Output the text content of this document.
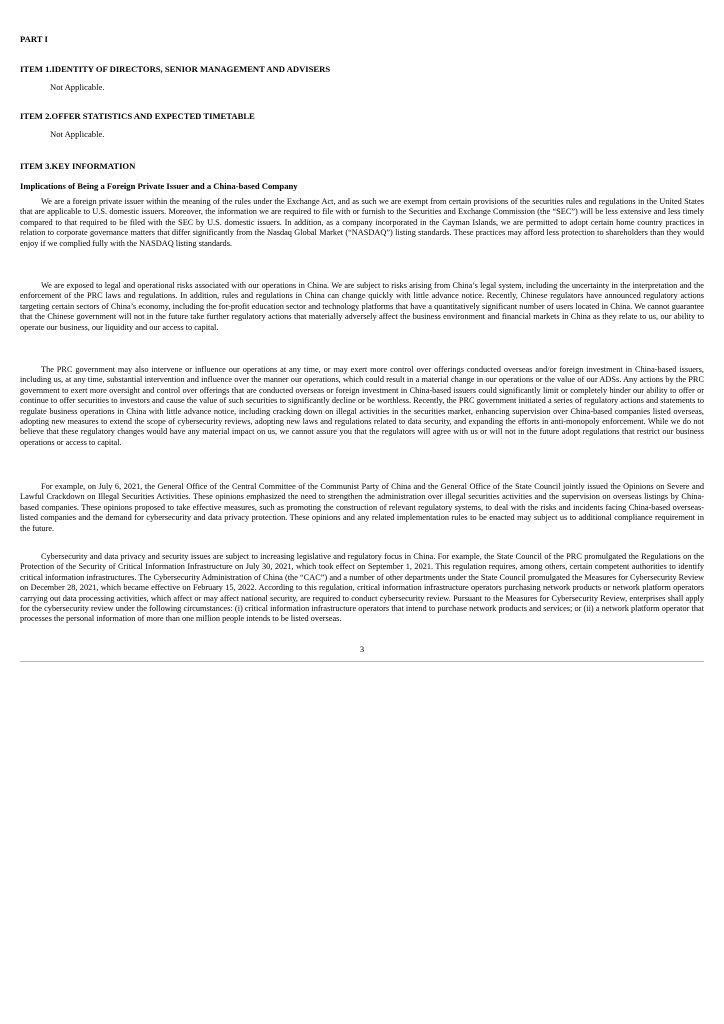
PART I
ITEM 1.IDENTITY OF DIRECTORS, SENIOR MANAGEMENT AND ADVISERS
Not Applicable.
ITEM 2.OFFER STATISTICS AND EXPECTED TIMETABLE
Not Applicable.
ITEM 3.KEY INFORMATION
Implications of Being a Foreign Private Issuer and a China-based Company

We are a foreign private issuer within the meaning of the rules under the Exchange Act, and as such we are exempt from certain provisions of the securities rules and regulations in the United States that are applicable to U.S. domestic issuers. Moreover, the information we are required to file with or furnish to the Securities and Exchange Commission (the “SEC”) will be less extensive and less timely compared to that required to be filed with the SEC by U.S. domestic issuers. In addition, as a company incorporated in the Cayman Islands, we are permitted to adopt certain home country practices in relation to corporate governance matters that differ significantly from the Nasdaq Global Market (“NASDAQ”) listing standards. These practices may afford less protection to shareholders than they would enjoy if we complied fully with the NASDAQ listing standards.

We are exposed to legal and operational risks associated with our operations in China. We are subject to risks arising from China’s legal system, including the uncertainty in the interpretation and the enforcement of the PRC laws and regulations. In addition, rules and regulations in China can change quickly with little advance notice. Recently, Chinese regulators have announced regulatory actions targeting certain sectors of China’s economy, including the for-profit education sector and technology platforms that have a quantitatively significant number of users located in China. We cannot guarantee that the Chinese government will not in the future take further regulatory actions that materially adversely affect the business environment and financial markets in China as they relate to us, our ability to operate our business, our liquidity and our access to capital.

The PRC government may also intervene or influence our operations at any time, or may exert more control over offerings conducted overseas and/or foreign investment in China-based issuers, including us, at any time, substantial intervention and influence over the manner our operations, which could result in a material change in our operations or the value of our ADSs. Any actions by the PRC government to exert more oversight and control over offerings that are conducted overseas or foreign investment in China-based issuers could significantly limit or completely hinder our ability to offer or continue to offer securities to investors and cause the value of such securities to significantly decline or be worthless. Recently, the PRC government initiated a series of regulatory actions and statements to regulate business operations in China with little advance notice, including cracking down on illegal activities in the securities market, enhancing supervision over China-based companies listed overseas, adopting new measures to extend the scope of cybersecurity reviews, adopting new laws and regulations related to data security, and expanding the efforts in anti-monopoly enforcement. While we do not believe that these regulatory changes would have any material impact on us, we cannot assure you that the regulators will agree with us or will not in the future adopt regulations that restrict our business operations or access to capital.

For example, on July 6, 2021, the General Office of the Central Committee of the Communist Party of China and the General Office of the State Council jointly issued the Opinions on Severe and Lawful Crackdown on Illegal Securities Activities. These opinions emphasized the need to strengthen the administration over illegal securities activities and the supervision on overseas listings by China-based companies. These opinions proposed to take effective measures, such as promoting the construction of relevant regulatory systems, to deal with the risks and incidents facing China-based overseas-listed companies and the demand for cybersecurity and data privacy protection. These opinions and any related implementation rules to be enacted may subject us to additional compliance requirement in the future.

Cybersecurity and data privacy and security issues are subject to increasing legislative and regulatory focus in China. For example, the State Council of the PRC promulgated the Regulations on the Protection of the Security of Critical Information Infrastructure on July 30, 2021, which took effect on September 1, 2021. This regulation requires, among others, certain competent authorities to identify critical information infrastructures. The Cybersecurity Administration of China (the “CAC”) and a number of other departments under the State Council promulgated the Measures for Cybersecurity Review on December 28, 2021, which became effective on February 15, 2022. According to this regulation, critical information infrastructure operators purchasing network products or network platform operators carrying out data processing activities, which affect or may affect national security, are required to conduct cybersecurity review. Pursuant to the Measures for Cybersecurity Review, enterprises shall apply for the cybersecurity review under the following circumstances: (i) critical information infrastructure operators that intend to purchase network products and services; or (ii) a network platform operator that processes the personal information of more than one million people intends to be listed overseas.

3
